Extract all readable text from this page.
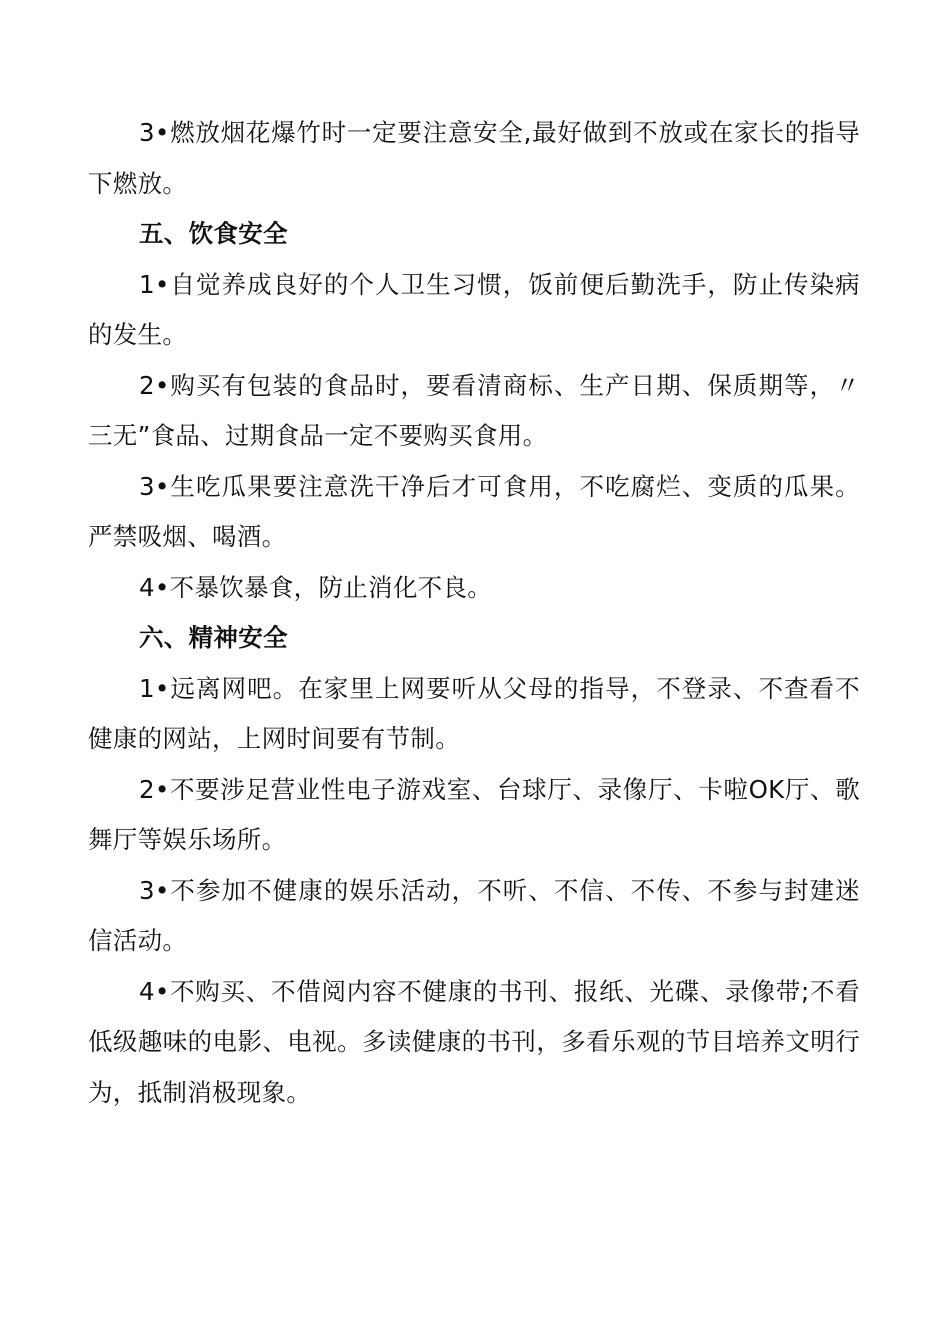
3•燃放烟花爆竹时一定要注意安全,最好做到不放或在家长的指导下燃放。

五、饮食安全

1•自觉养成良好的个人卫生习惯，饭前便后勤洗手，防止传染病的发生。

2•购买有包装的食品时，要看清商标、生产日期、保质期等，〃三无”食品、过期食品一定不要购买食用。

3•生吃瓜果要注意洗干净后才可食用，不吃腐烂、变质的瓜果。严禁吸烟、喝酒。

4•不暴饮暴食，防止消化不良。

六、精神安全

1•远离网吧。在家里上网要听从父母的指导，不登录、不查看不健康的网站，上网时间要有节制。

2•不要涉足营业性电子游戏室、台球厅、录像厅、卡啦OK厅、歌舞厅等娱乐场所。

3•不参加不健康的娱乐活动，不听、不信、不传、不参与封建迷信活动。

4•不购买、不借阅内容不健康的书刊、报纸、光碟、录像带;不看低级趣味的电影、电视。多读健康的书刊，多看乐观的节目培养文明行为，抵制消极现象。
